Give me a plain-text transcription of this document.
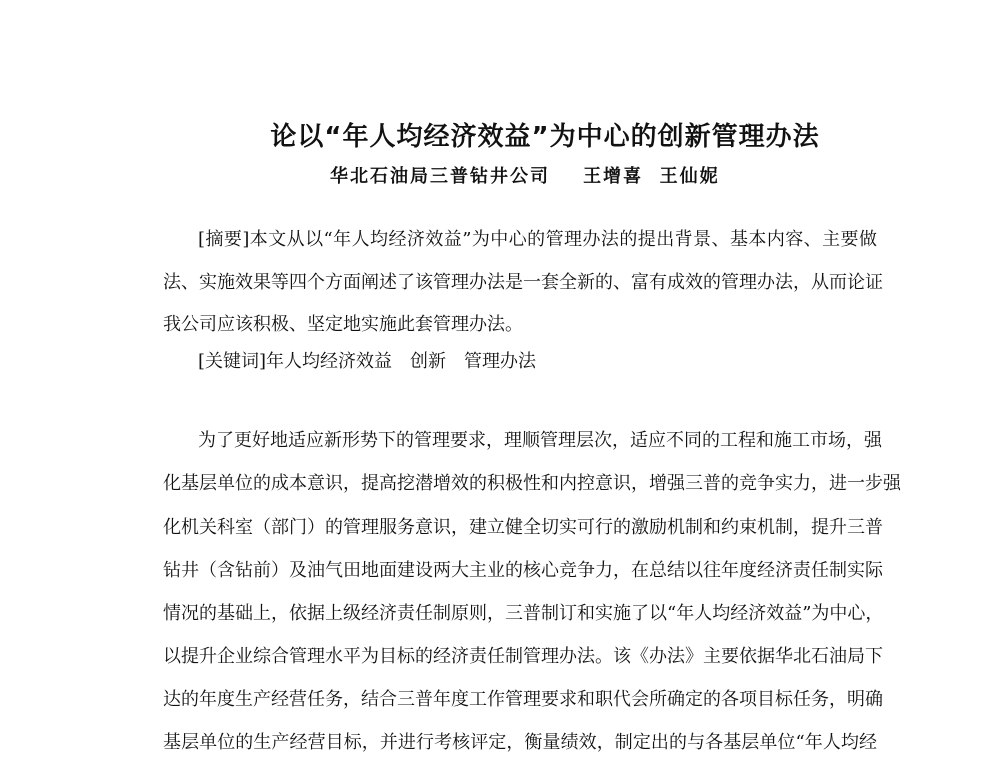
论以“年人均经济效益”为中心的创新管理办法
华北石油局三普钻井公司    王增喜  王仙妮
[摘要]本文从以“年人均经济效益”为中心的管理办法的提出背景、基本内容、主要做
法、实施效果等四个方面阐述了该管理办法是一套全新的、富有成效的管理办法，从而论证
我公司应该积极、坚定地实施此套管理办法。
[关键词]年人均经济效益　创新　管理办法
为了更好地适应新形势下的管理要求，理顺管理层次，适应不同的工程和施工市场，强
化基层单位的成本意识，提高挖潜增效的积极性和内控意识，增强三普的竞争实力，进一步强
化机关科室（部门）的管理服务意识，建立健全切实可行的激励机制和约束机制，提升三普
钻井（含钻前）及油气田地面建设两大主业的核心竞争力，在总结以往年度经济责任制实际
情况的基础上，依据上级经济责任制原则，三普制订和实施了以“年人均经济效益”为中心，
以提升企业综合管理水平为目标的经济责任制管理办法。该《办法》主要依据华北石油局下
达的年度生产经营任务，结合三普年度工作管理要求和职代会所确定的各项目标任务，明确
基层单位的生产经营目标，并进行考核评定，衡量绩效，制定出的与各基层单位“年人均经
